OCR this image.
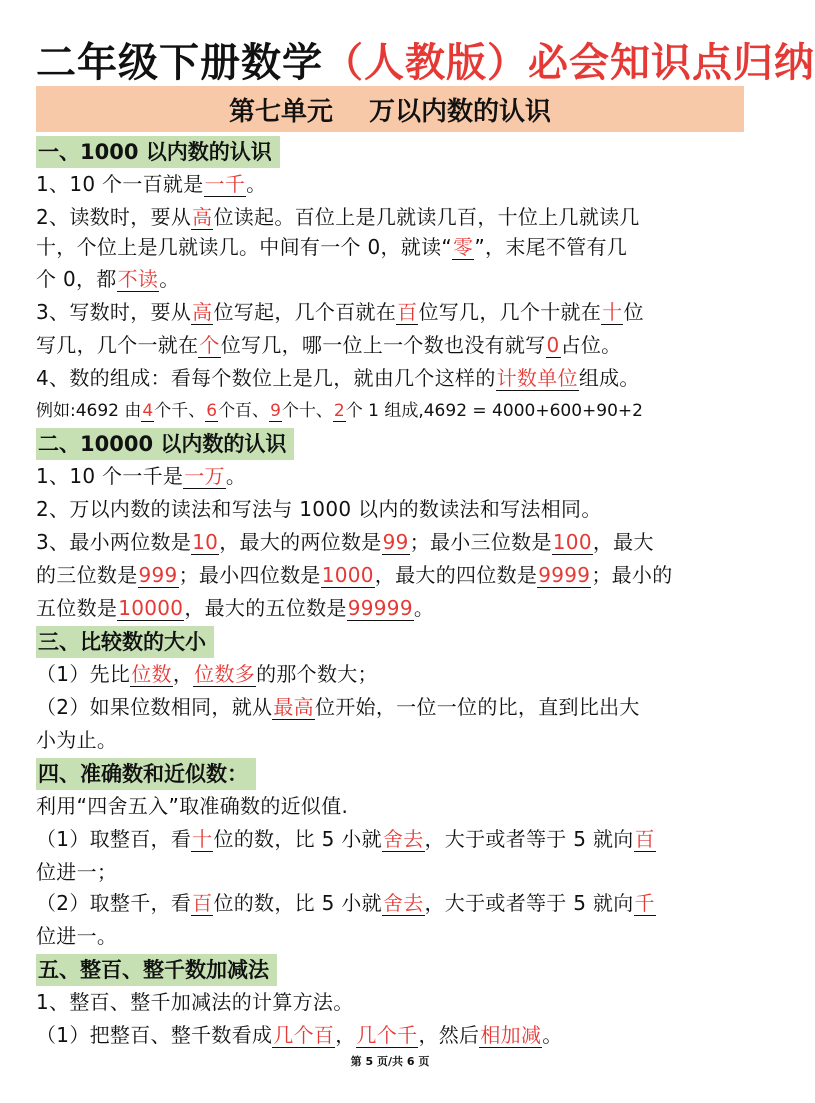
二年级下册数学（人教版）必会知识点归纳
第七单元 万以内数的认识
一、1000 以内数的认识
1、10 个一百就是一千。
2、读数时，要从高位读起。百位上是几就读几百，十位上几就读几
十，个位上是几就读几。中间有一个 0，就读“零”，末尾不管有几
个 0，都不读。
3、写数时，要从高位写起，几个百就在百位写几，几个十就在十位
写几，几个一就在个位写几，哪一位上一个数也没有就写0占位。
4、数的组成：看每个数位上是几，就由几个这样的计数单位组成。
例如:4692 由4个千、6个百、9个十、2个 1 组成,4692 = 4000+600+90+2
二、10000 以内数的认识
1、10 个一千是一万。
2、万以内数的读法和写法与 1000 以内的数读法和写法相同。
3、最小两位数是10，最大的两位数是99；最小三位数是100，最大
的三位数是999；最小四位数是1000，最大的四位数是9999；最小的
五位数是10000，最大的五位数是99999。
三、比较数的大小
（1）先比位数，位数多的那个数大；
（2）如果位数相同，就从最高位开始，一位一位的比，直到比出大
小为止。
四、准确数和近似数：
利用“四舍五入”取准确数的近似值.
（1）取整百，看十位的数，比 5 小就舍去，大于或者等于 5 就向百
位进一；
（2）取整千，看百位的数，比 5 小就舍去，大于或者等于 5 就向千
位进一。
五、整百、整千数加减法
1、整百、整千加减法的计算方法。
（1）把整百、整千数看成几个百，几个千，然后相加减。
第 5 页/共 6 页
